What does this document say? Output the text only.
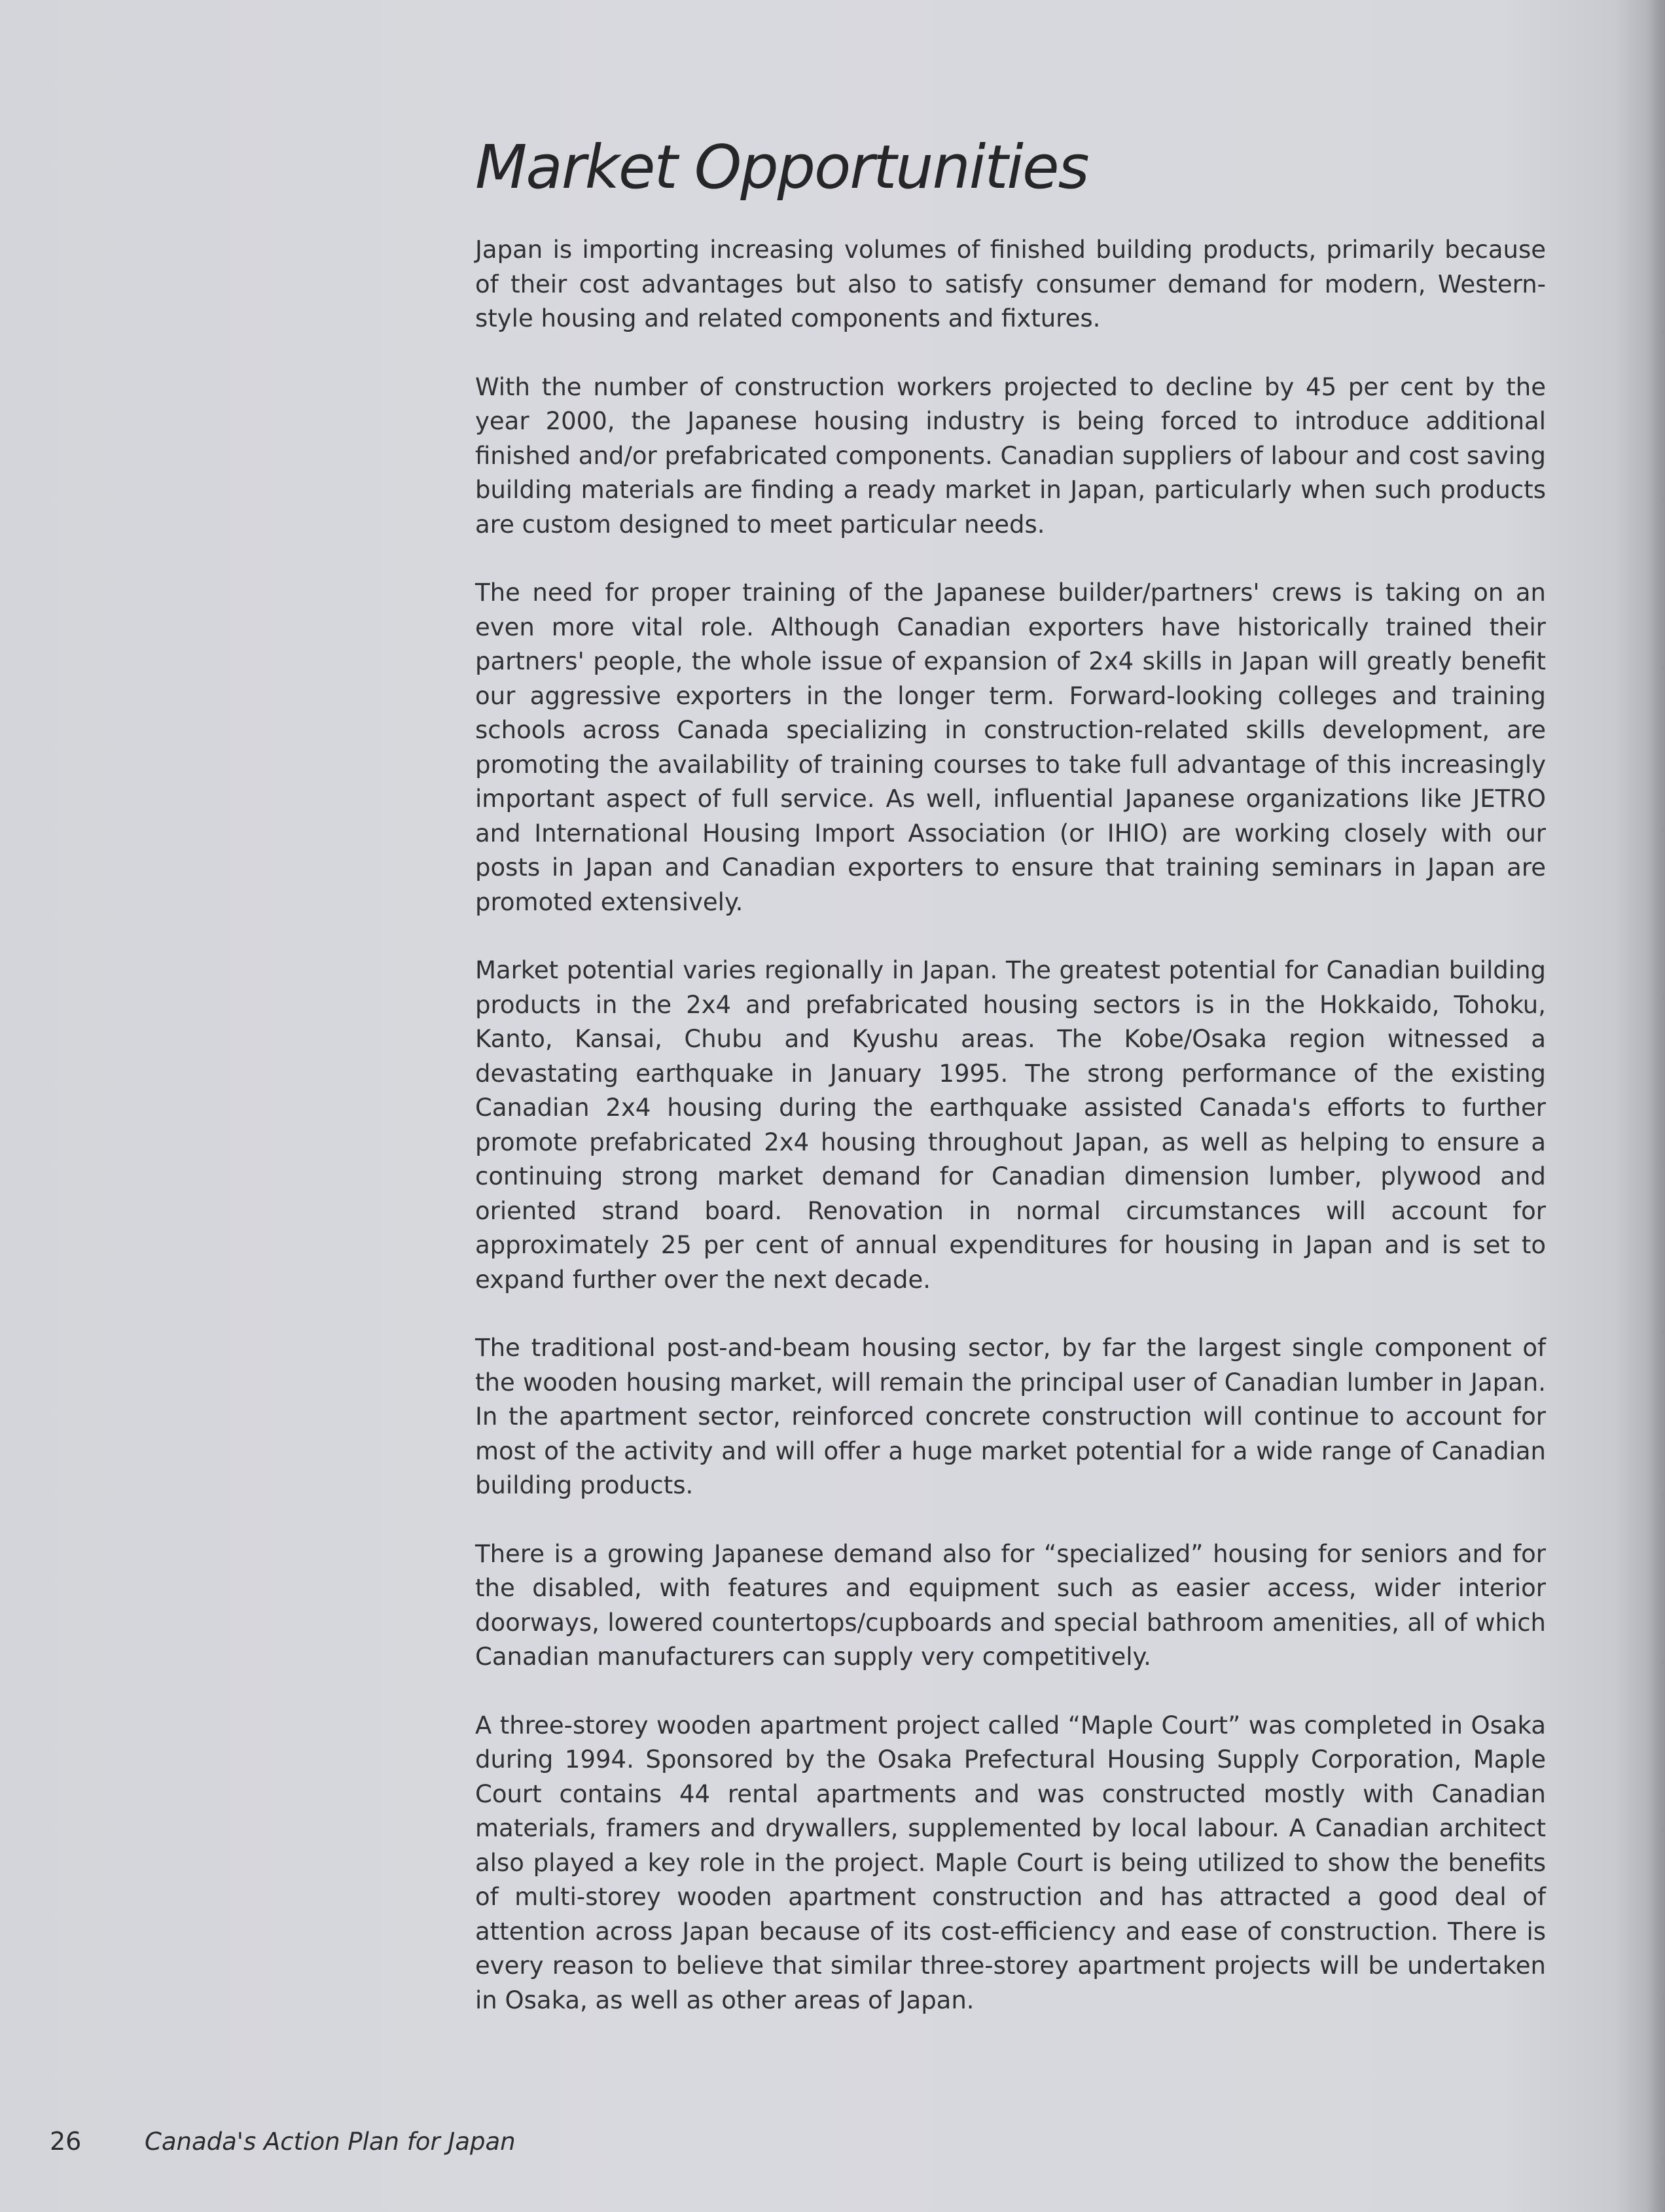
Market Opportunities

Japan is importing increasing volumes of finished building products, primarily because of their cost advantages but also to satisfy consumer demand for modern, Western-style housing and related components and fixtures.

With the number of construction workers projected to decline by 45 per cent by the year 2000, the Japanese housing industry is being forced to introduce additional finished and/or prefabricated components. Canadian suppliers of labour and cost saving building materials are finding a ready market in Japan, particularly when such products are custom designed to meet particular needs.

The need for proper training of the Japanese builder/partners' crews is taking on an even more vital role. Although Canadian exporters have historically trained their partners' people, the whole issue of expansion of 2x4 skills in Japan will greatly benefit our aggressive exporters in the longer term. Forward-looking colleges and training schools across Canada specializing in construction-related skills development, are promoting the availability of training courses to take full advantage of this increasingly important aspect of full service. As well, influential Japanese organizations like JETRO and International Housing Import Association (or IHIO) are working closely with our posts in Japan and Canadian exporters to ensure that training seminars in Japan are promoted extensively.

Market potential varies regionally in Japan. The greatest potential for Canadian building products in the 2x4 and prefabricated housing sectors is in the Hokkaido, Tohoku, Kanto, Kansai, Chubu and Kyushu areas. The Kobe/Osaka region witnessed a devastating earthquake in January 1995. The strong performance of the existing Canadian 2x4 housing during the earthquake assisted Canada's efforts to further promote prefabricated 2x4 housing throughout Japan, as well as helping to ensure a continuing strong market demand for Canadian dimension lumber, plywood and oriented strand board. Renovation in normal circumstances will account for approximately 25 per cent of annual expenditures for housing in Japan and is set to expand further over the next decade.

The traditional post-and-beam housing sector, by far the largest single component of the wooden housing market, will remain the principal user of Canadian lumber in Japan. In the apartment sector, reinforced concrete construction will continue to account for most of the activity and will offer a huge market potential for a wide range of Canadian building products.

There is a growing Japanese demand also for “specialized” housing for seniors and for the disabled, with features and equipment such as easier access, wider interior doorways, lowered countertops/cupboards and special bathroom amenities, all of which Canadian manufacturers can supply very competitively.

A three-storey wooden apartment project called “Maple Court” was completed in Osaka during 1994. Sponsored by the Osaka Prefectural Housing Supply Corporation, Maple Court contains 44 rental apartments and was constructed mostly with Canadian materials, framers and drywallers, supplemented by local labour. A Canadian architect also played a key role in the project. Maple Court is being utilized to show the benefits of multi-storey wooden apartment construction and has attracted a good deal of attention across Japan because of its cost-efficiency and ease of construction. There is every reason to believe that similar three-storey apartment projects will be undertaken in Osaka, as well as other areas of Japan.

26	Canada's Action Plan for Japan
